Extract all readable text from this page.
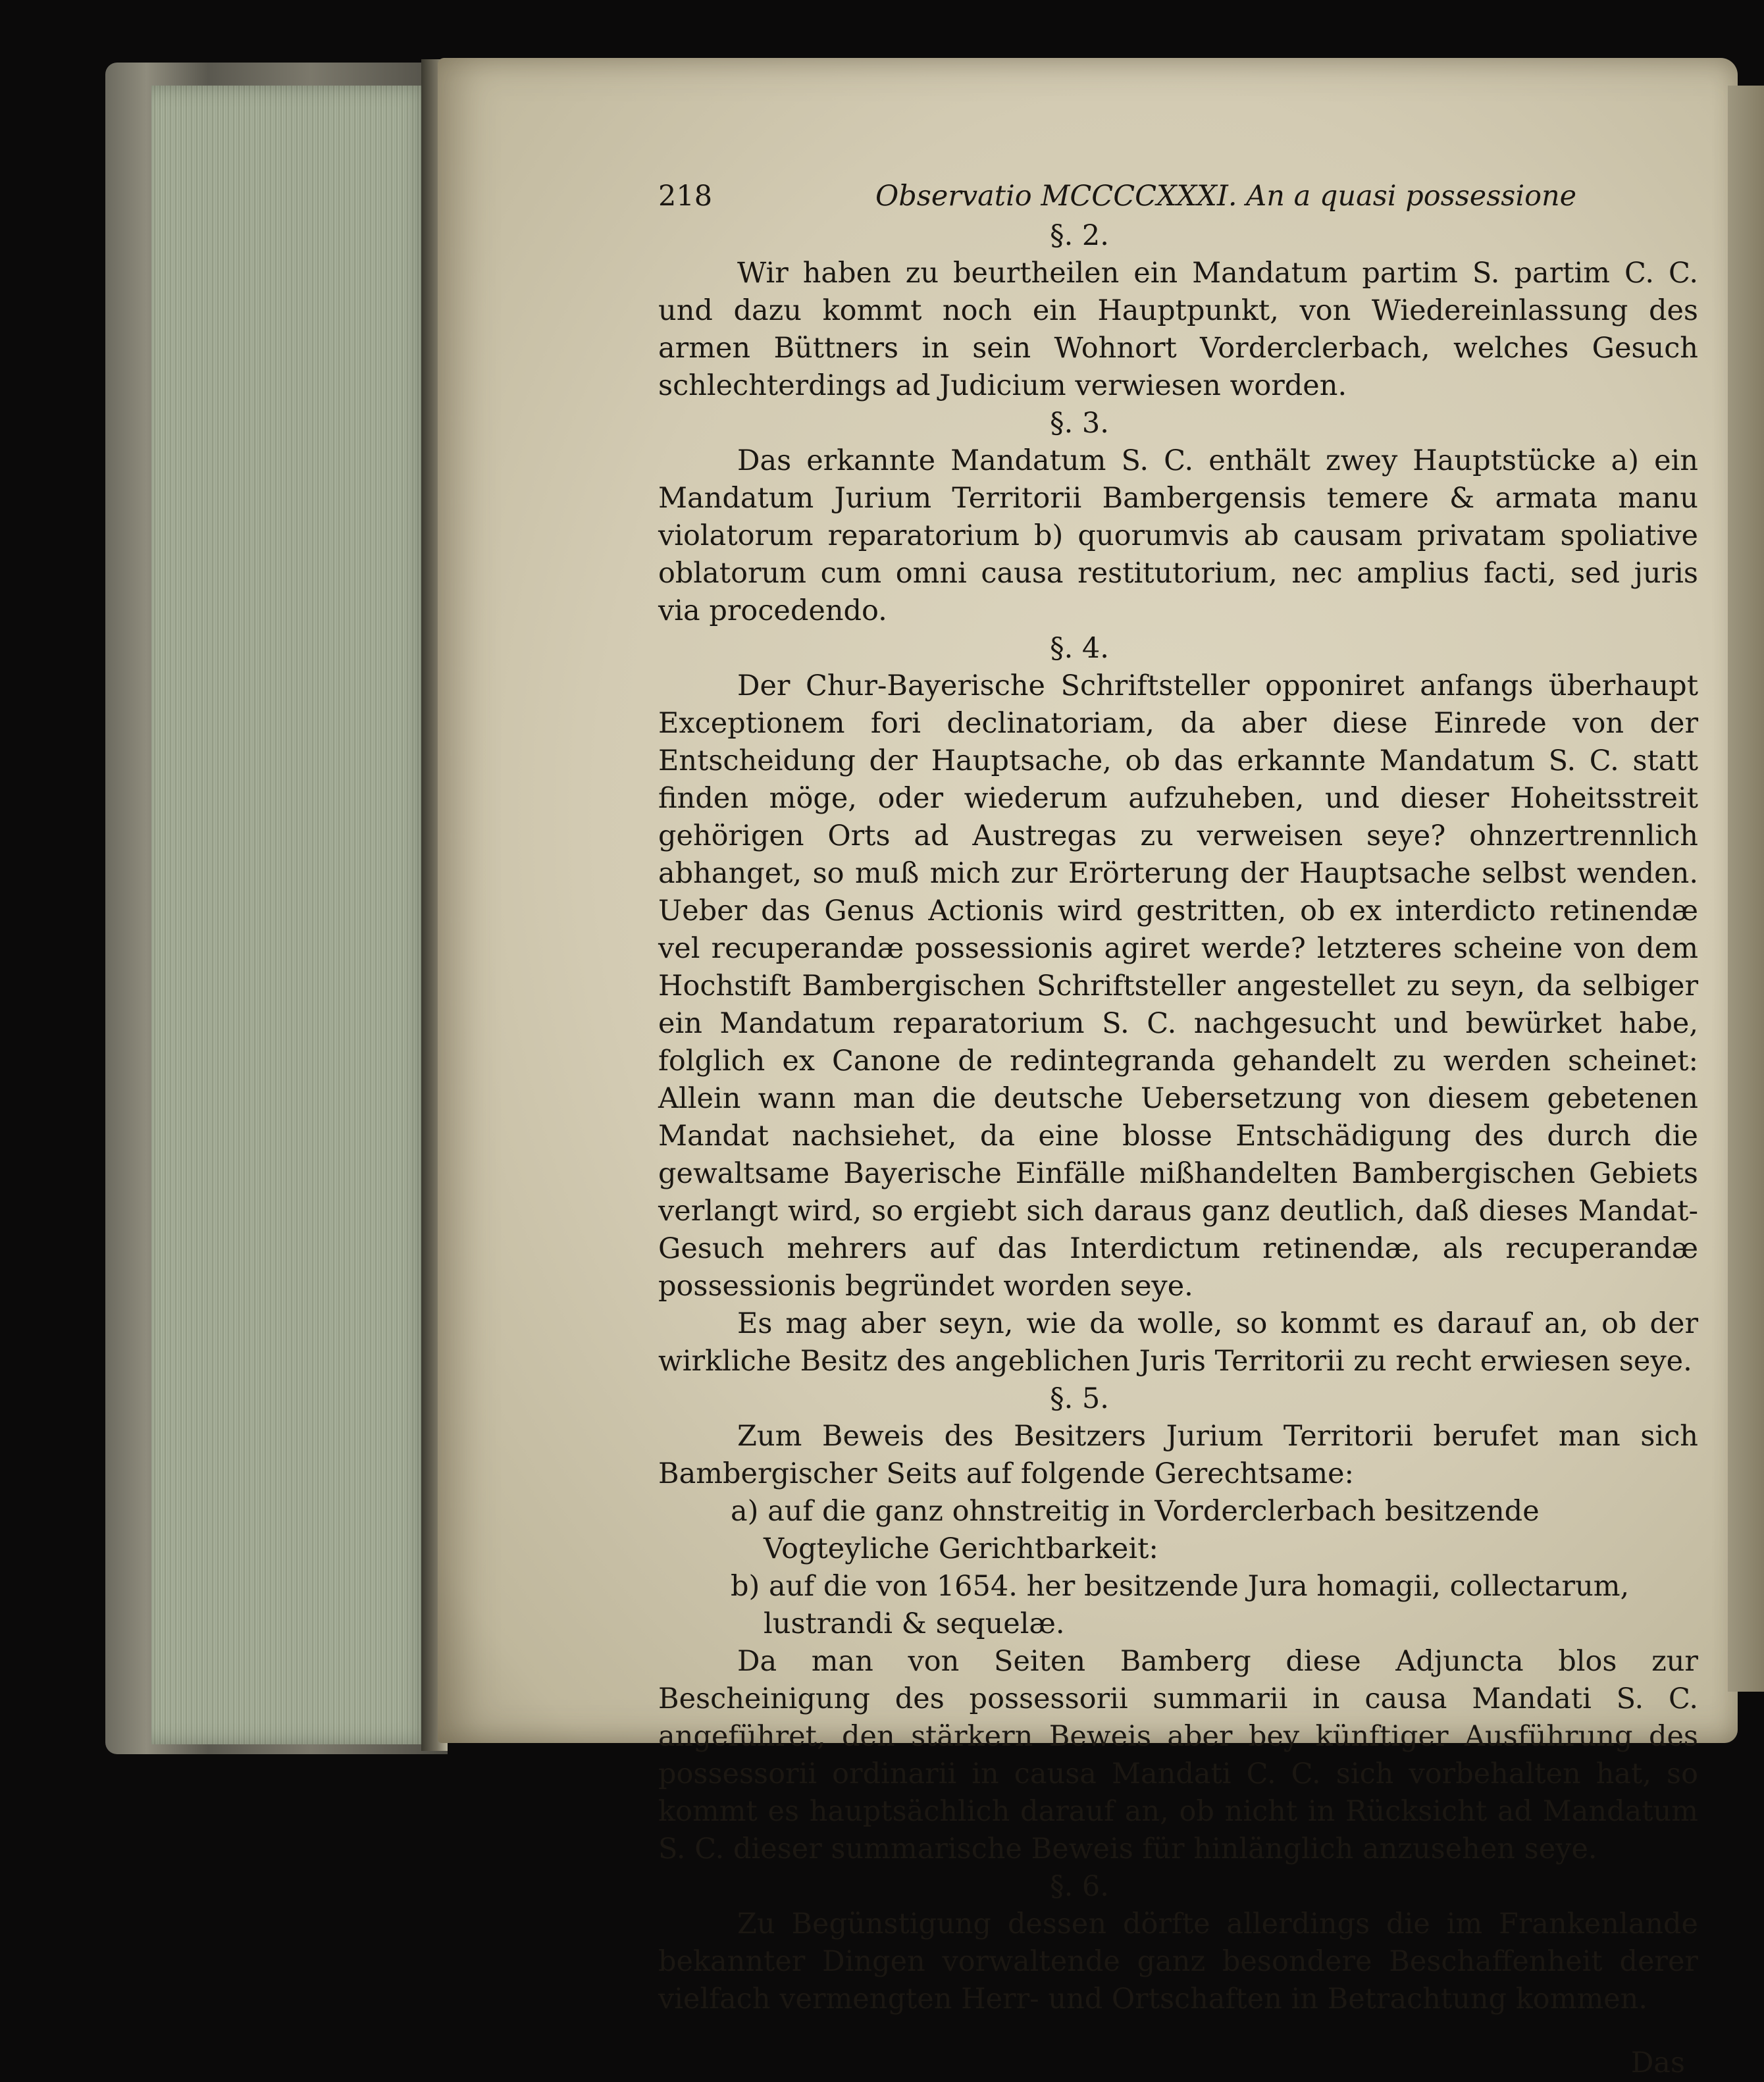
218	Observatio MCCCCXXXI. An a quasi possessione

§. 2.

Wir haben zu beurtheilen ein Mandatum partim S. partim C. C. und dazu kommt noch ein Hauptpunkt, von Wiedereinlassung des armen Büttners in sein Wohnort Vorderclerbach, welches Gesuch schlechterdings ad Judicium verwiesen worden.

§. 3.

Das erkannte Mandatum S. C. enthält zwey Hauptstücke a) ein Mandatum Jurium Territorii Bambergensis temere & armata manu violatorum reparatorium b) quorumvis ab causam privatam spoliative oblatorum cum omni causa restitutorium, nec amplius facti, sed juris via procedendo.

§. 4.

Der Chur-Bayerische Schriftsteller opponiret anfangs überhaupt Exceptionem fori declinatoriam, da aber diese Einrede von der Entscheidung der Hauptsache, ob das erkannte Mandatum S. C. statt finden möge, oder wiederum aufzuheben, und dieser Hoheitsstreit gehörigen Orts ad Austregas zu verweisen seye? ohnzertrennlich abhanget, so muß mich zur Erörterung der Hauptsache selbst wenden. Ueber das Genus Actionis wird gestritten, ob ex interdicto retinendæ vel recuperandæ possessionis agiret werde? letzteres scheine von dem Hochstift Bambergischen Schriftsteller angestellet zu seyn, da selbiger ein Mandatum reparatorium S. C. nachgesucht und bewürket habe, folglich ex Canone de redintegranda gehandelt zu werden scheinet: Allein wann man die deutsche Uebersetzung von diesem gebetenen Mandat nachsiehet, da eine blosse Entschädigung des durch die gewaltsame Bayerische Einfälle mißhandelten Bambergischen Gebiets verlangt wird, so ergiebt sich daraus ganz deutlich, daß dieses Mandat-Gesuch mehrers auf das Interdictum retinendæ, als recuperandæ possessionis begründet worden seye.

Es mag aber seyn, wie da wolle, so kommt es darauf an, ob der wirkliche Besitz des angeblichen Juris Territorii zu recht erwiesen seye.

§. 5.

Zum Beweis des Besitzers Jurium Territorii berufet man sich Bambergischer Seits auf folgende Gerechtsame:

a) auf die ganz ohnstreitig in Vorderclerbach besitzende Vogteyliche Gerichtbarkeit:

b) auf die von 1654. her besitzende Jura homagii, collectarum, lustrandi & sequelæ.

Da man von Seiten Bamberg diese Adjuncta blos zur Bescheinigung des possessorii summarii in causa Mandati S. C. angeführet, den stärkern Beweis aber bey künftiger Ausführung des possessorii ordinarii in causa Mandati C. C. sich vorbehalten hat, so kommt es hauptsächlich darauf an, ob nicht in Rücksicht ad Mandatum S. C. dieser summarische Beweis für hinlänglich anzusehen seye.

§. 6.

Zu Begünstigung dessen dörfte allerdings die im Frankenlande bekannter Dingen vorwaltende ganz besondere Beschaffenheit derer vielfach vermengten Herr- und Ortschaften in Betrachtung kommen.

Das
